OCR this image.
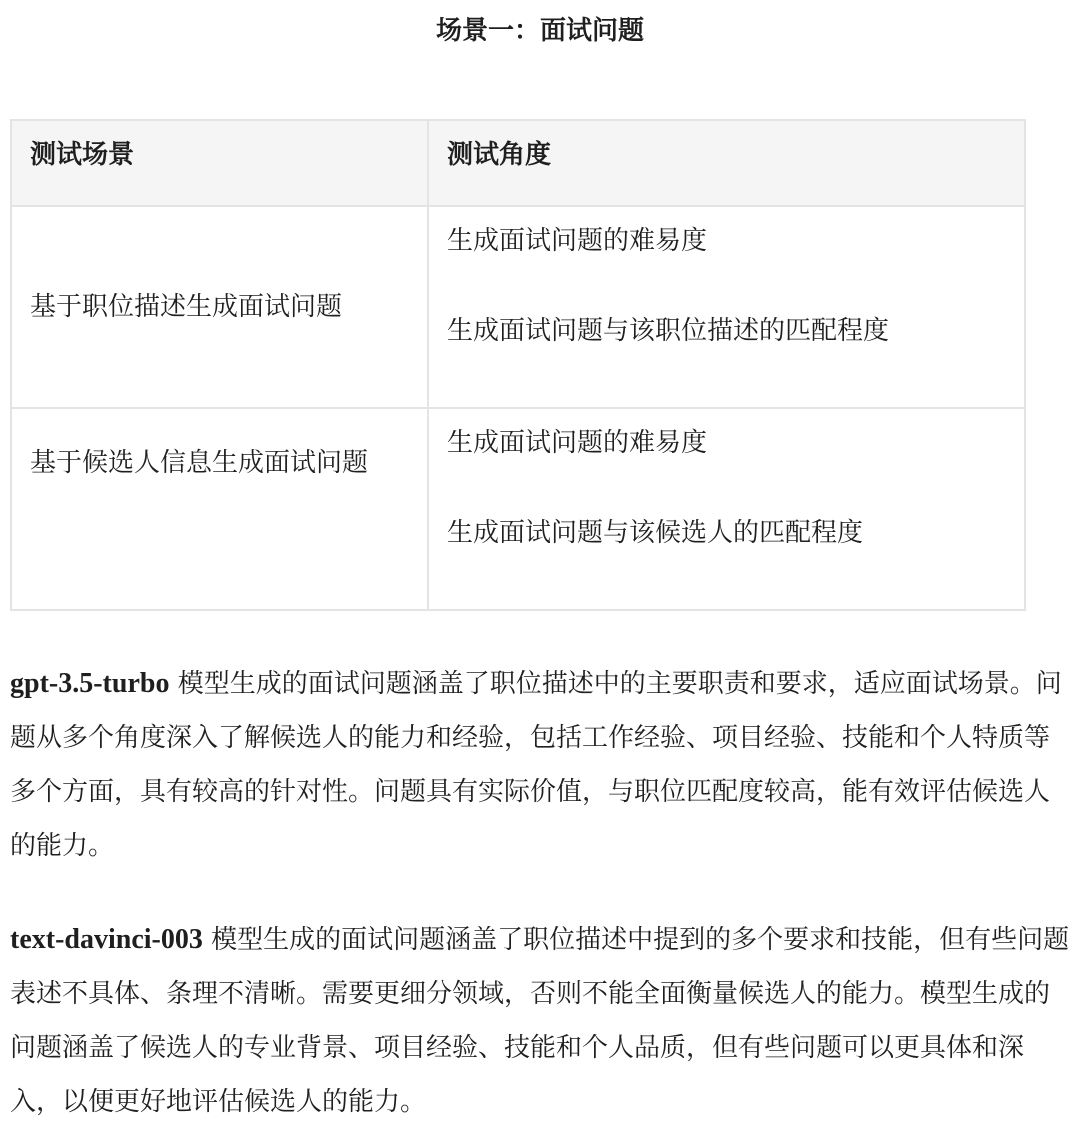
场景一：面试问题
测试场景	测试角度
基于职位描述生成面试问题	生成面试问题的难易度
生成面试问题与该职位描述的匹配程度

基于候选人信息生成面试问题	生成面试问题的难易度
生成面试问题与该候选人的匹配程度

gpt-3.5-turbo 模型生成的面试问题涵盖了职位描述中的主要职责和要求，适应面试场景。问题从多个角度深入了解候选人的能力和经验，包括工作经验、项目经验、技能和个人特质等多个方面，具有较高的针对性。问题具有实际价值，与职位匹配度较高，能有效评估候选人的能力。

text-davinci-003 模型生成的面试问题涵盖了职位描述中提到的多个要求和技能，但有些问题表述不具体、条理不清晰。需要更细分领域，否则不能全面衡量候选人的能力。模型生成的问题涵盖了候选人的专业背景、项目经验、技能和个人品质，但有些问题可以更具体和深入，以便更好地评估候选人的能力。
